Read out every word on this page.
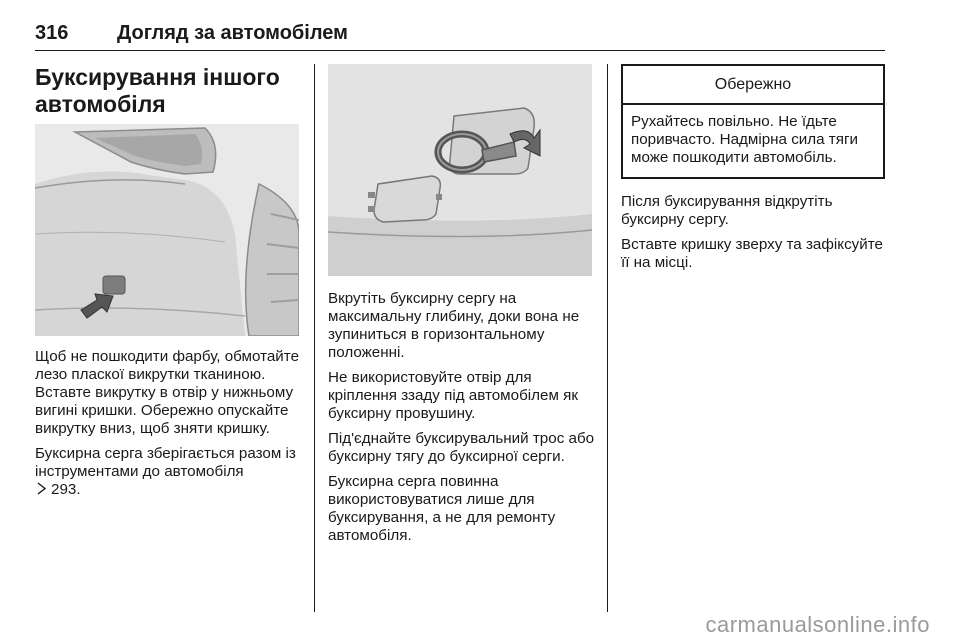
316 Догляд за автомобілем
Буксирування іншого
автомобіля

Щоб не пошкодити фарбу, обмотайте лезо пласкої викрутки тканиною. Вставте викрутку в отвір у нижньому вигині кришки. Обережно опускайте викрутку вниз, щоб зняти кришку.

Буксирна серга зберігається разом із інструментами до автомобіля
293.

Вкрутіть буксирну сергу на максимальну глибину, доки вона не зупиниться в горизонтальному положенні.

Не використовуйте отвір для кріплення ззаду під автомобілем як буксирну провушину.

Під'єднайте буксирувальний трос або буксирну тягу до буксирної серги.

Буксирна серга повинна використовуватися лише для буксирування, а не для ремонту автомобіля.

Обережно
Рухайтесь повільно. Не їдьте поривчасто. Надмірна сила тяги може пошкодити автомобіль.

Після буксирування відкрутіть буксирну сергу.

Вставте кришку зверху та зафіксуйте її на місці.

carmanualsonline.info
